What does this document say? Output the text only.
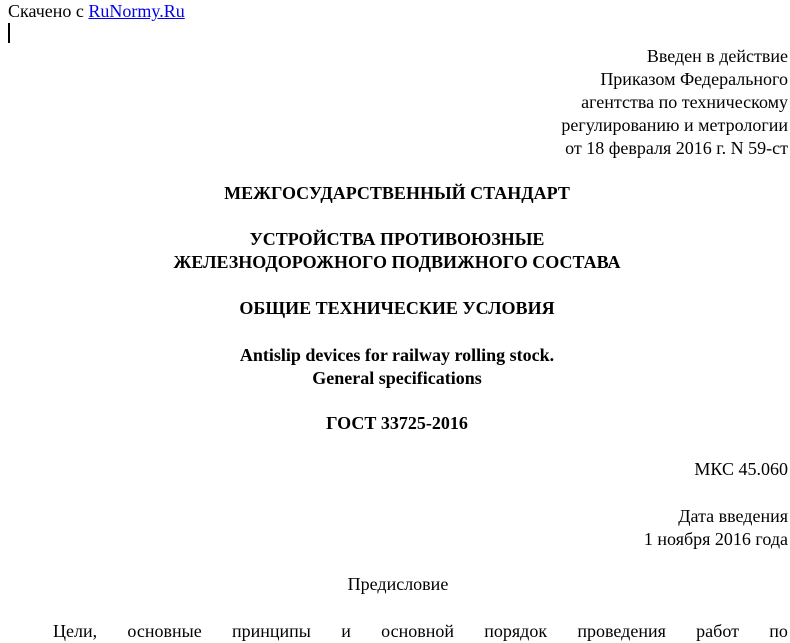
Скачено с RuNormy.Ru
Введен в действие
Приказом Федерального
агентства по техническому
регулированию и метрологии
от 18 февраля 2016 г. N 59-ст
МЕЖГОСУДАРСТВЕННЫЙ СТАНДАРТ
УСТРОЙСТВА ПРОТИВОЮЗНЫЕ
ЖЕЛЕЗНОДОРОЖНОГО ПОДВИЖНОГО СОСТАВА
ОБЩИЕ ТЕХНИЧЕСКИЕ УСЛОВИЯ
Antislip devices for railway rolling stock.
General specifications
ГОСТ 33725-2016
МКС 45.060
Дата введения
1 ноября 2016 года
Предисловие
Цели, основные принципы и основной порядок проведения работ по
